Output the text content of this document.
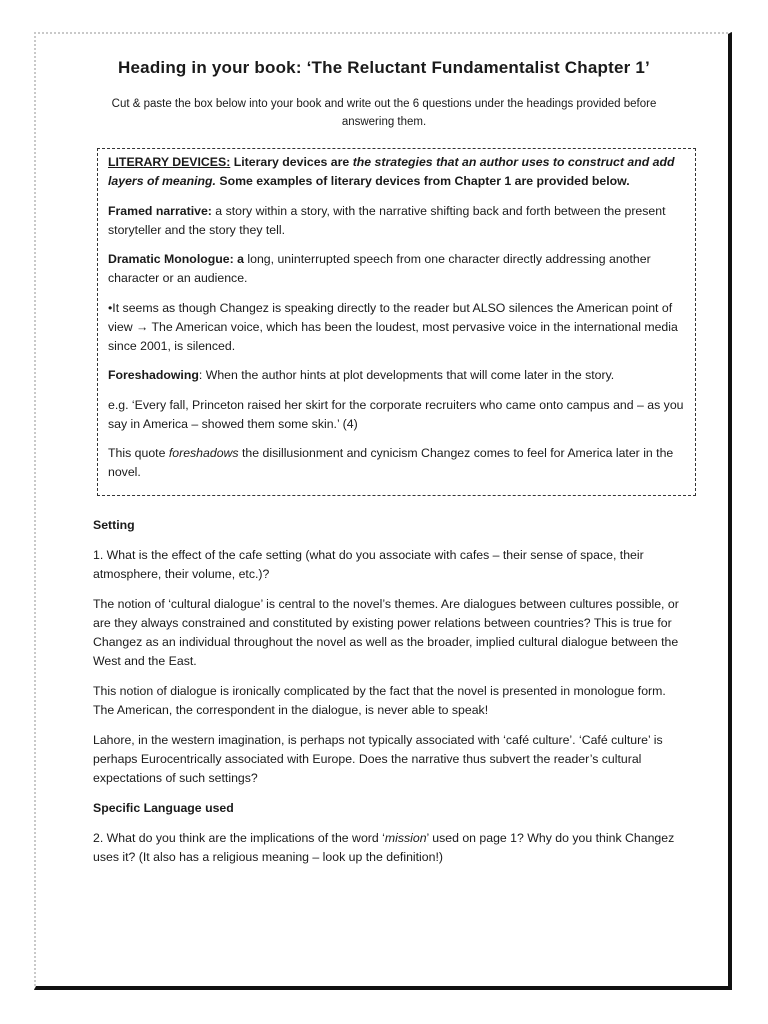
Heading in your book: ‘The Reluctant Fundamentalist Chapter 1’
Cut & paste the box below into your book and write out the 6 questions under the headings provided before answering them.

LITERARY DEVICES: Literary devices are the strategies that an author uses to construct and add layers of meaning. Some examples of literary devices from Chapter 1 are provided below.

Framed narrative: a story within a story, with the narrative shifting back and forth between the present storyteller and the story they tell.

Dramatic Monologue: a long, uninterrupted speech from one character directly addressing another character or an audience.

•It seems as though Changez is speaking directly to the reader but ALSO silences the American point of view → The American voice, which has been the loudest, most pervasive voice in the international media since 2001, is silenced.

Foreshadowing: When the author hints at plot developments that will come later in the story.

e.g. ‘Every fall, Princeton raised her skirt for the corporate recruiters who came onto campus and – as you say in America – showed them some skin.’ (4)

This quote foreshadows the disillusionment and cynicism Changez comes to feel for America later in the novel.

Setting

1. What is the effect of the cafe setting (what do you associate with cafes – their sense of space, their atmosphere, their volume, etc.)?

The notion of ‘cultural dialogue’ is central to the novel’s themes. Are dialogues between cultures possible, or are they always constrained and constituted by existing power relations between countries? This is true for Changez as an individual throughout the novel as well as the broader, implied cultural dialogue between the West and the East.

This notion of dialogue is ironically complicated by the fact that the novel is presented in monologue form. The American, the correspondent in the dialogue, is never able to speak!

Lahore, in the western imagination, is perhaps not typically associated with ‘café culture’. ‘Café culture’ is perhaps Eurocentrically associated with Europe. Does the narrative thus subvert the reader’s cultural expectations of such settings?

Specific Language used

2. What do you think are the implications of the word ‘mission’ used on page 1? Why do you think Changez uses it? (It also has a religious meaning – look up the definition!)
